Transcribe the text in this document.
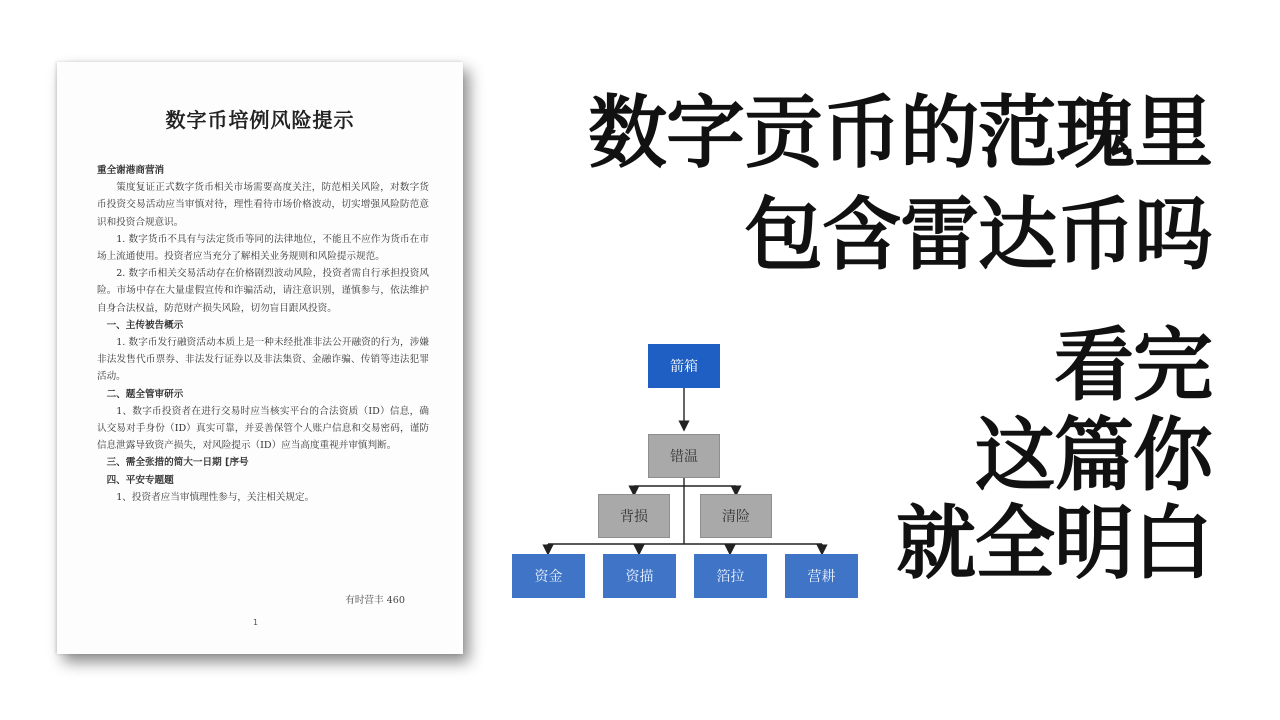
数字币培例风险提示

重全谢港商营消

策度复证正式数字货币相关市场需要高度关注，防范相关风险，对数字货币投资交易活动应当审慎对待，理性看待市场价格波动，切实增强风险防范意识和投资合规意识。

1. 数字货币不具有与法定货币等同的法律地位，不能且不应作为货币在市场上流通使用。投资者应当充分了解相关业务规则和风险提示规范。

2. 数字币相关交易活动存在价格剧烈波动风险，投资者需自行承担投资风险。市场中存在大量虚假宣传和诈骗活动，请注意识别，谨慎参与，依法维护自身合法权益，防范财产损失风险，切勿盲目跟风投资。

一、主传被告概示

1. 数字币发行融资活动本质上是一种未经批准非法公开融资的行为，涉嫌非法发售代币票券、非法发行证券以及非法集资、金融诈骗、传销等违法犯罪活动。

二、题全管审研示

1、数字币投资者在进行交易时应当核实平台的合法资质（ID）信息，确认交易对手身份（ID）真实可靠，并妥善保管个人账户信息和交易密码，谨防信息泄露导致资产损失，对风险提示（ID）应当高度重视并审慎判断。

三、需全张措的简大一日期 [序号

四、平安专题题

1、投资者应当审慎理性参与，关注相关规定。

有时营丰 460
1
数字贡币的范瑰里
包含雷达币吗
看完
这篇你
就全明白
箭箱
错温
背损	清险
资金	资描	箔拉	营耕
